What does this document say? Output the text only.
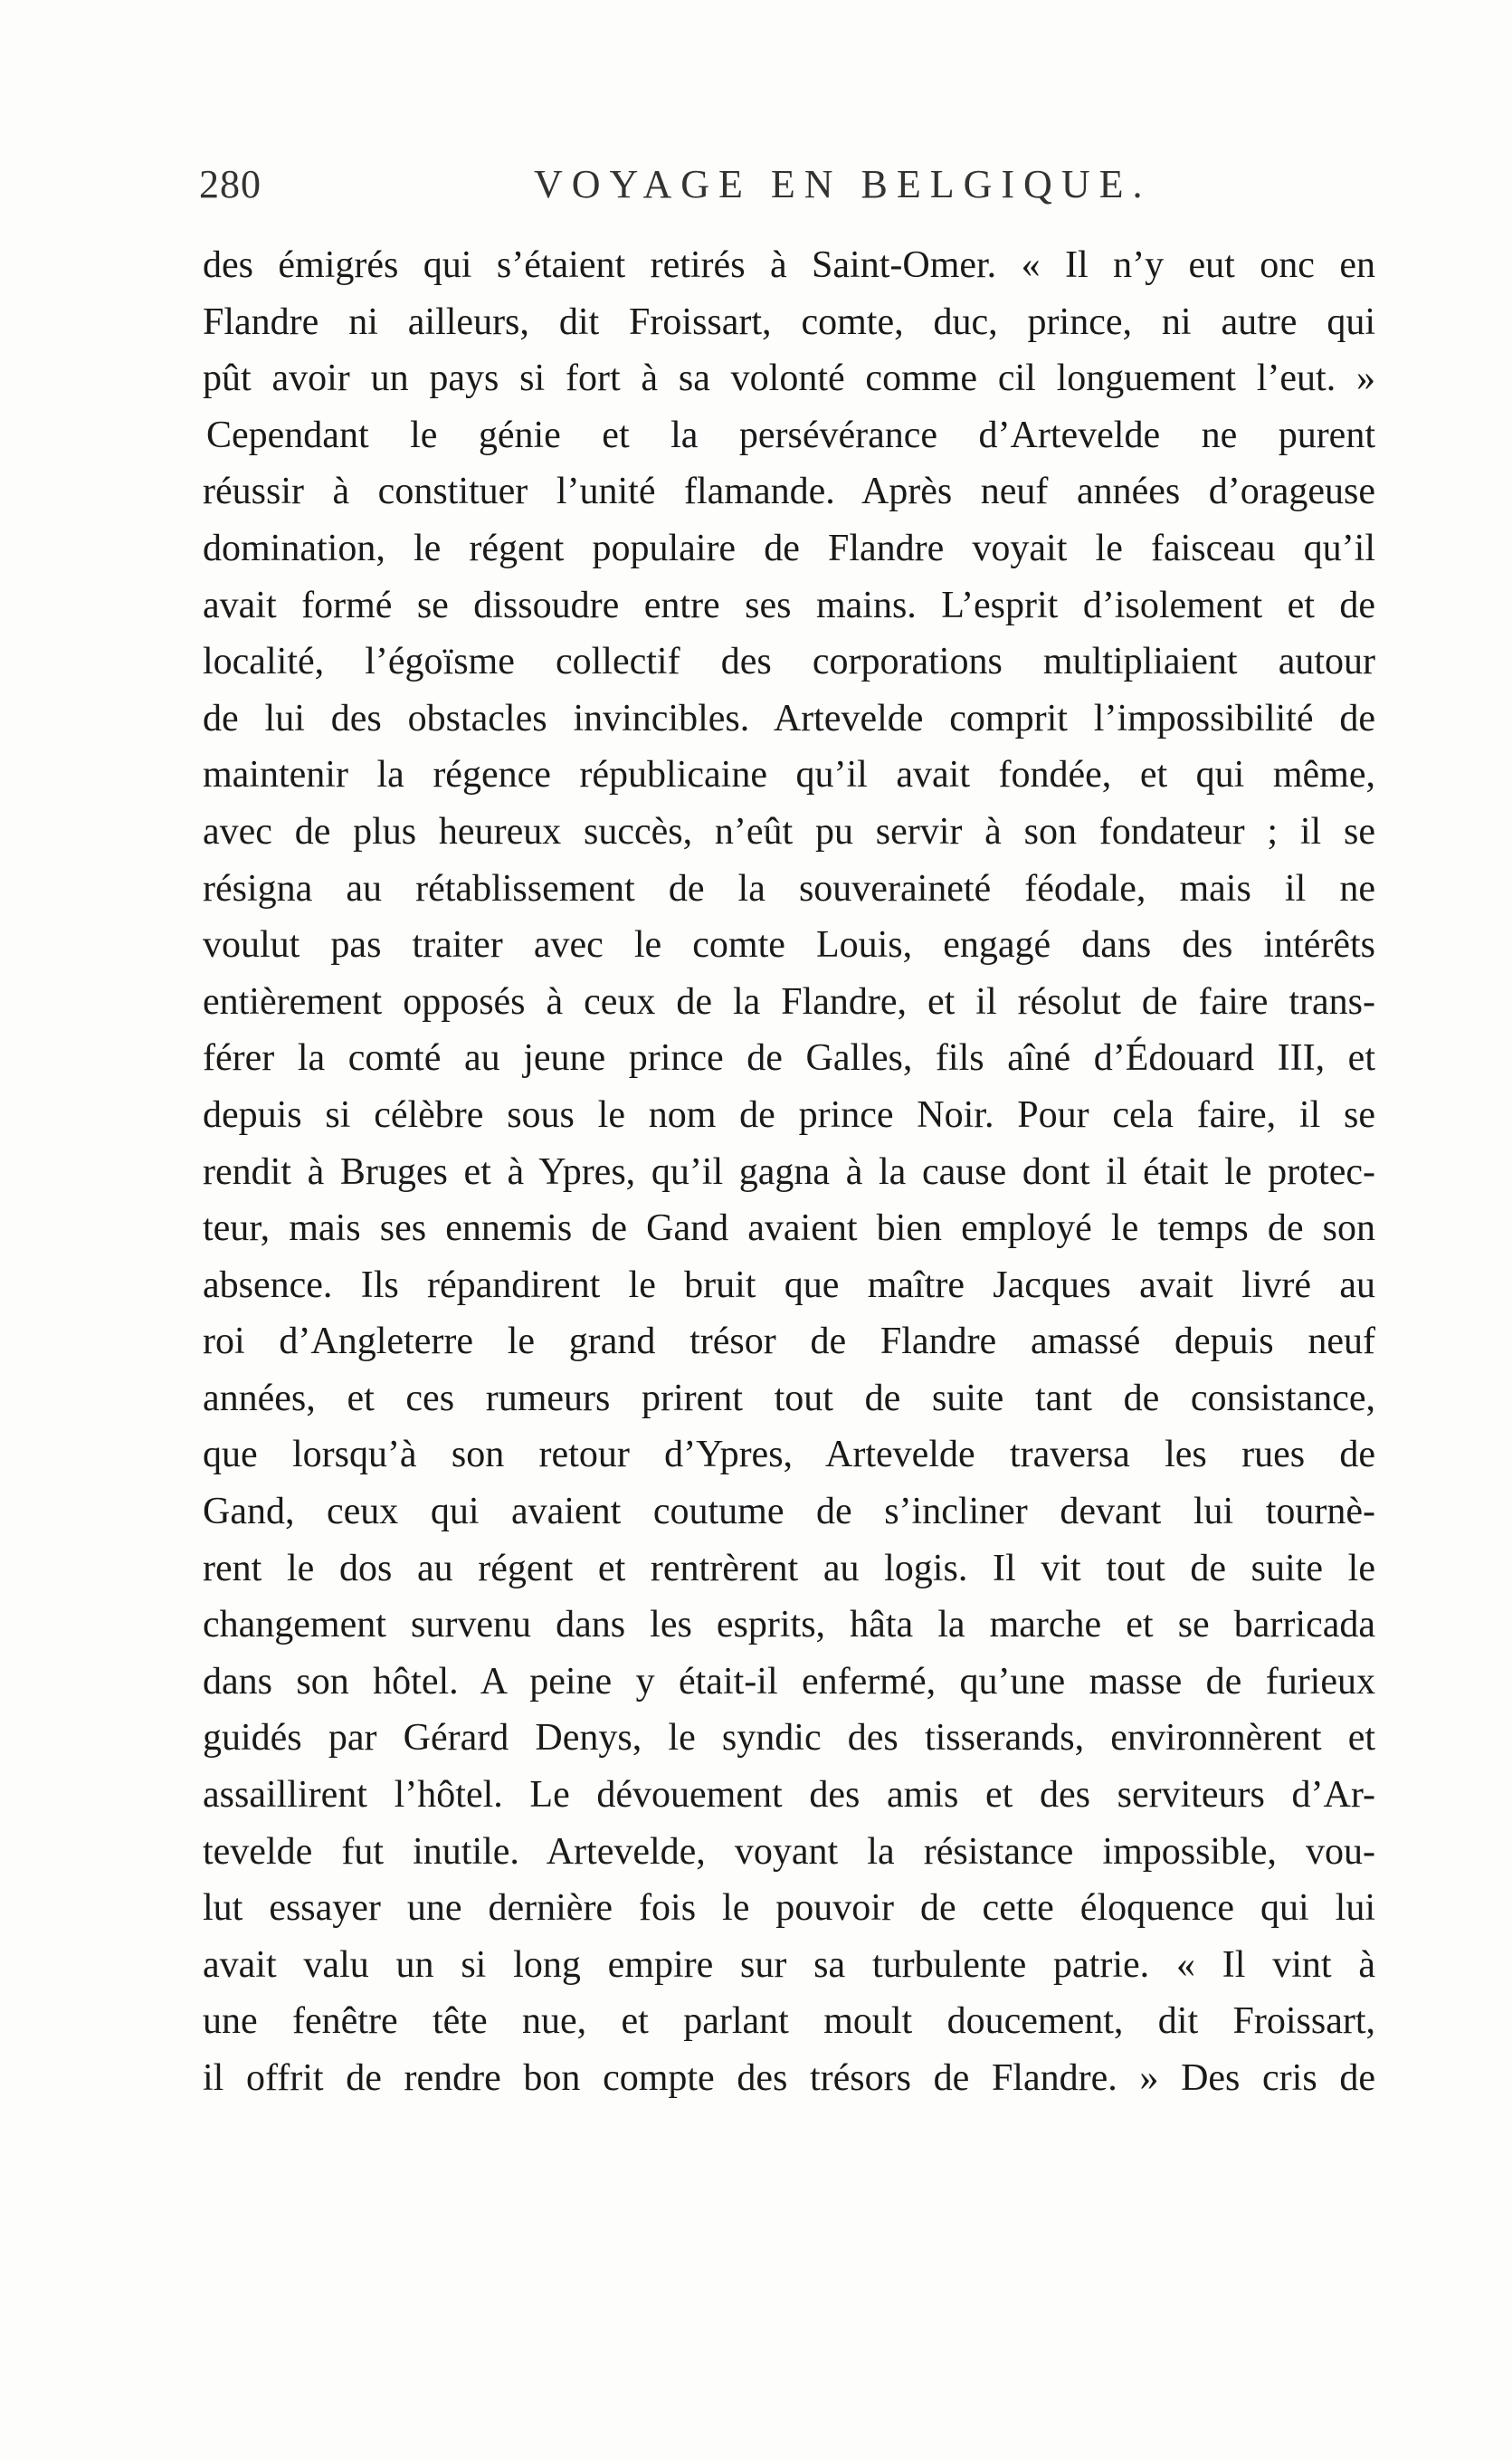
280	VOYAGE EN BELGIQUE.
des émigrés qui s’étaient retirés à Saint-Omer. « Il n’y eut onc en
Flandre ni ailleurs, dit Froissart, comte, duc, prince, ni autre qui
pût avoir un pays si fort à sa volonté comme cil longuement l’eut. »
Cependant le génie et la persévérance d’Artevelde ne purent
réussir à constituer l’unité flamande. Après neuf années d’orageuse
domination, le régent populaire de Flandre voyait le faisceau qu’il
avait formé se dissoudre entre ses mains. L’esprit d’isolement et de
localité, l’égoïsme collectif des corporations multipliaient autour
de lui des obstacles invincibles. Artevelde comprit l’impossibilité de
maintenir la régence républicaine qu’il avait fondée, et qui même,
avec de plus heureux succès, n’eût pu servir à son fondateur ; il se
résigna au rétablissement de la souveraineté féodale, mais il ne
voulut pas traiter avec le comte Louis, engagé dans des intérêts
entièrement opposés à ceux de la Flandre, et il résolut de faire trans-
férer la comté au jeune prince de Galles, fils aîné d’Édouard III, et
depuis si célèbre sous le nom de prince Noir. Pour cela faire, il se
rendit à Bruges et à Ypres, qu’il gagna à la cause dont il était le protec-
teur, mais ses ennemis de Gand avaient bien employé le temps de son
absence. Ils répandirent le bruit que maître Jacques avait livré au
roi d’Angleterre le grand trésor de Flandre amassé depuis neuf
années, et ces rumeurs prirent tout de suite tant de consistance,
que lorsqu’à son retour d’Ypres, Artevelde traversa les rues de
Gand, ceux qui avaient coutume de s’incliner devant lui tournè-
rent le dos au régent et rentrèrent au logis. Il vit tout de suite le
changement survenu dans les esprits, hâta la marche et se barricada
dans son hôtel. A peine y était-il enfermé, qu’une masse de furieux
guidés par Gérard Denys, le syndic des tisserands, environnèrent et
assaillirent l’hôtel. Le dévouement des amis et des serviteurs d’Ar-
tevelde fut inutile. Artevelde, voyant la résistance impossible, vou-
lut essayer une dernière fois le pouvoir de cette éloquence qui lui
avait valu un si long empire sur sa turbulente patrie. « Il vint à
une fenêtre tête nue, et parlant moult doucement, dit Froissart,
il offrit de rendre bon compte des trésors de Flandre. » Des cris de
